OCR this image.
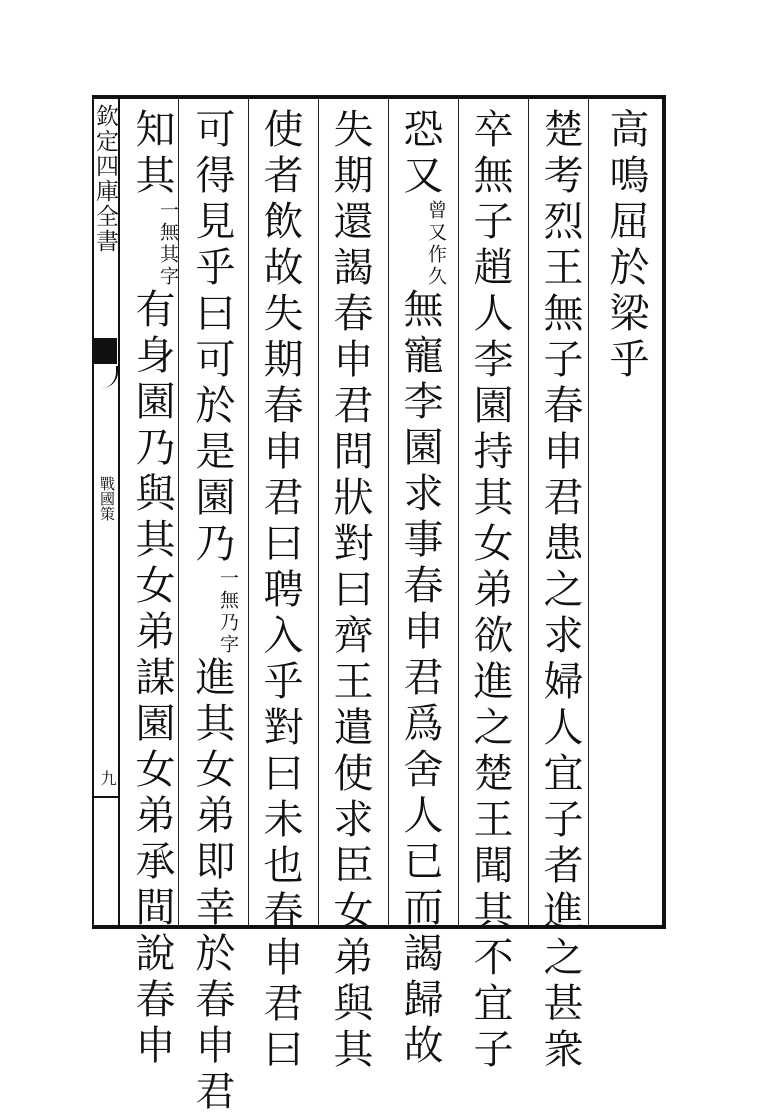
欽定四庫全書
戰國策
九
高鳴屈於梁乎
楚考烈王無子春申君患之求婦人宜子者進之甚衆
卒無子趙人李園持其女弟欲進之楚王聞其不宜子
恐又曾又作久無寵李園求事春申君爲舍人已而謁歸故
失期還謁春申君問狀對曰齊王遣使求臣女弟與其
使者飲故失期春申君曰聘入乎對曰未也春申君曰
可得見乎曰可於是園乃一無乃字進其女弟即幸於春申君
知其一無其字有身園乃與其女弟謀園女弟承間說春申
